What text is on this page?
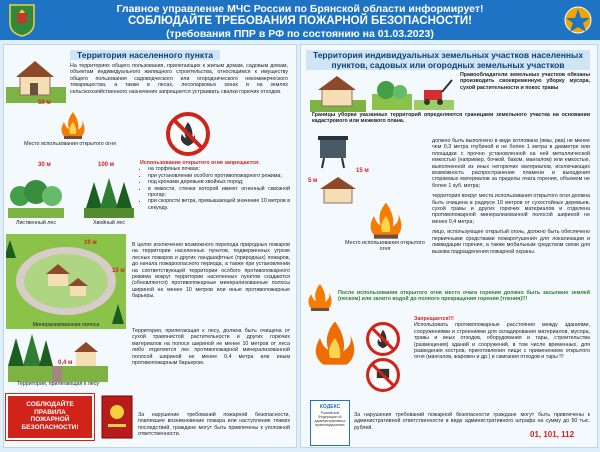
Главное управление МЧС России по Брянской области информирует!
СОБЛЮДАЙТЕ ТРЕБОВАНИЯ ПОЖАРНОЙ БЕЗОПАСНОСТИ!
(требования ППР в РФ по состоянию на 01.03.2023)
Территория населенного пункта
На территориях общего пользования, прилегающих к жилым домам, садовым домам, объектам индивидуального жилищного строительства, относящимся к имуществу общего пользования садоводческого или огороднического некоммерческого товарищества, а также в лесах, лесопарковых зонах и на землях сельскохозяйственного назначения запрещается устраивать свалки горючих отходов.
Место использования открытого огня
50 м
30 м	100 м
Лиственный лес	Хвойный лес
Использование открытого огня запрещается:
• на торфяных почвах;
• при установлении особого противопожарного режима;
• под кронами деревьев хвойных пород;
• в емкости, стенки которой имеют огненный сквозной прогар;
• при скорости ветра, превышающей значение 10 метров в секунду.
10 м
10 м
Минерализованная полоса
В целях исключения возможного перехода природных пожаров на территории населенных пунктов, подверженных угрозе лесных пожаров и других ландшафтных (природных) пожаров, до начала пожароопасного периода, а также при установлении на соответствующей территории особого противопожарного режима вокруг территории населенных пунктов создаются (обновляются) противопожарные минерализованные полосы шириной не менее 10 метров или иные противопожарные барьеры.
0,4 м
Территория, прилегающая к лесу
Территория, прилегающая к лесу, должна быть очищена от сухой травянистой растительности и других горючих материалов на полосе шириной не менее 10 метров от леса либо отделяется лес противопожарной минерализованной полосой шириной не менее 0,4 метра или иным противопожарным барьером.
СОБЛЮДАЙТЕ
ПРАВИЛА
ПОЖАРНОЙ
БЕЗОПАСНОСТИ!
За нарушение требований пожарной безопасности, повлекшее возникновение пожара или наступление тяжких последствий, граждане могут быть привлечены к уголовной ответственности.
Территория индивидуальных земельных участков населенных пунктов, садовых или огородных земельных участков
Правообладатели земельных участков обязаны производить своевременную уборку мусора, сухой растительности и покос травы
Границы уборки указанных территорий определяются границами земельного участка на основании кадастрового или межевого плана.
5 м
15 м
Место использования открытого огня
должно быть выполнено в виде котлована (ямы, рва) не менее чем 0,3 метра глубиной и не более 1 метра в диаметре или площадки с прочно установленной на ней металлической емкостью (например, бочкой, баком, мангалом) или емкостью, выполненной из иных негорючих материалов, исключающих возможность распространения пламени и выпадения сгораемых материалов за пределы очага горения, объемом не более 1 куб. метра;
территория вокруг места использования открытого огня должна быть очищена в радиусе 10 метров от сухостойных деревьев, сухой травы и других горючих материалов и отделена противопожарной минерализованной полосой шириной не менее 0,4 метра;
лицо, использующее открытый огонь, должно быть обеспечено первичными средствами пожаротушения для локализации и ликвидации горения, а также мобильным средством связи для вызова подразделения пожарной охраны.
После использования открытого огня место очага горения должно быть засыпано землей (песком) или залито водой до полного прекращения горения (тления)!!!
Запрещается!!!
Использовать противопожарные расстояния между зданиями, сооружениями и строениями для складирования материалов, мусора, травы и иных отходов, оборудования и тары, строительства (размещения) зданий и сооружений, в том числе временных, для разведения костров, приготовления пищи с применением открытого огня (мангалов, жаровен и др.) и сжигания отходов и тары !!!
КОДЕКС
Российской Федерации об административных правонарушениях
За нарушения требований пожарной безопасности граждане могут быть привлечены к административной ответственности в виде административного штрафа на сумму до 50 тыс. рублей.
01, 101, 112
